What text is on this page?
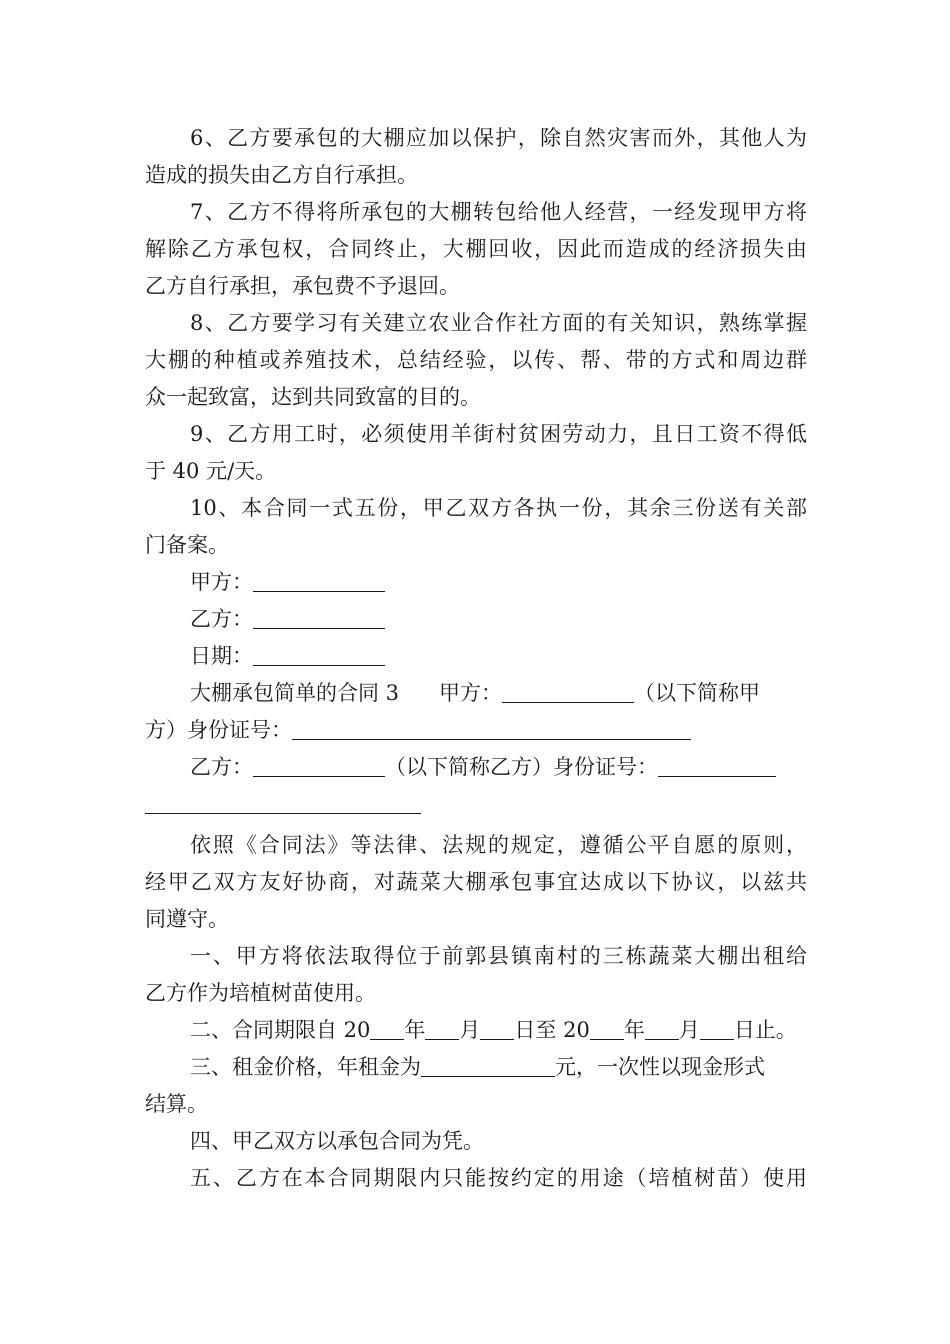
6、乙方要承包的大棚应加以保护，除自然灾害而外，其他人为
造成的损失由乙方自行承担。
7、乙方不得将所承包的大棚转包给他人经营，一经发现甲方将
解除乙方承包权，合同终止，大棚回收，因此而造成的经济损失由
乙方自行承担，承包费不予退回。
8、乙方要学习有关建立农业合作社方面的有关知识，熟练掌握
大棚的种植或养殖技术，总结经验，以传、帮、带的方式和周边群
众一起致富，达到共同致富的目的。
9、乙方用工时，必须使用羊街村贫困劳动力，且日工资不得低
于 40 元/天。
10、本合同一式五份，甲乙双方各执一份，其余三份送有关部
门备案。
甲方：
乙方：
日期：
大棚承包简单的合同 3 甲方：	（以下简称甲
方）身份证号：
乙方：	（以下简称乙方）身份证号：
依照《合同法》等法律、法规的规定，遵循公平自愿的原则，
经甲乙双方友好协商，对蔬菜大棚承包事宜达成以下协议，以兹共
同遵守。
一、甲方将依法取得位于前郭县镇南村的三栋蔬菜大棚出租给
乙方作为培植树苗使用。
二、合同期限自 20 年 月 日至 20 年 月 日止。
三、租金价格，年租金为	元，一次性以现金形式
结算。
四、甲乙双方以承包合同为凭。
五、乙方在本合同期限内只能按约定的用途（培植树苗）使用
